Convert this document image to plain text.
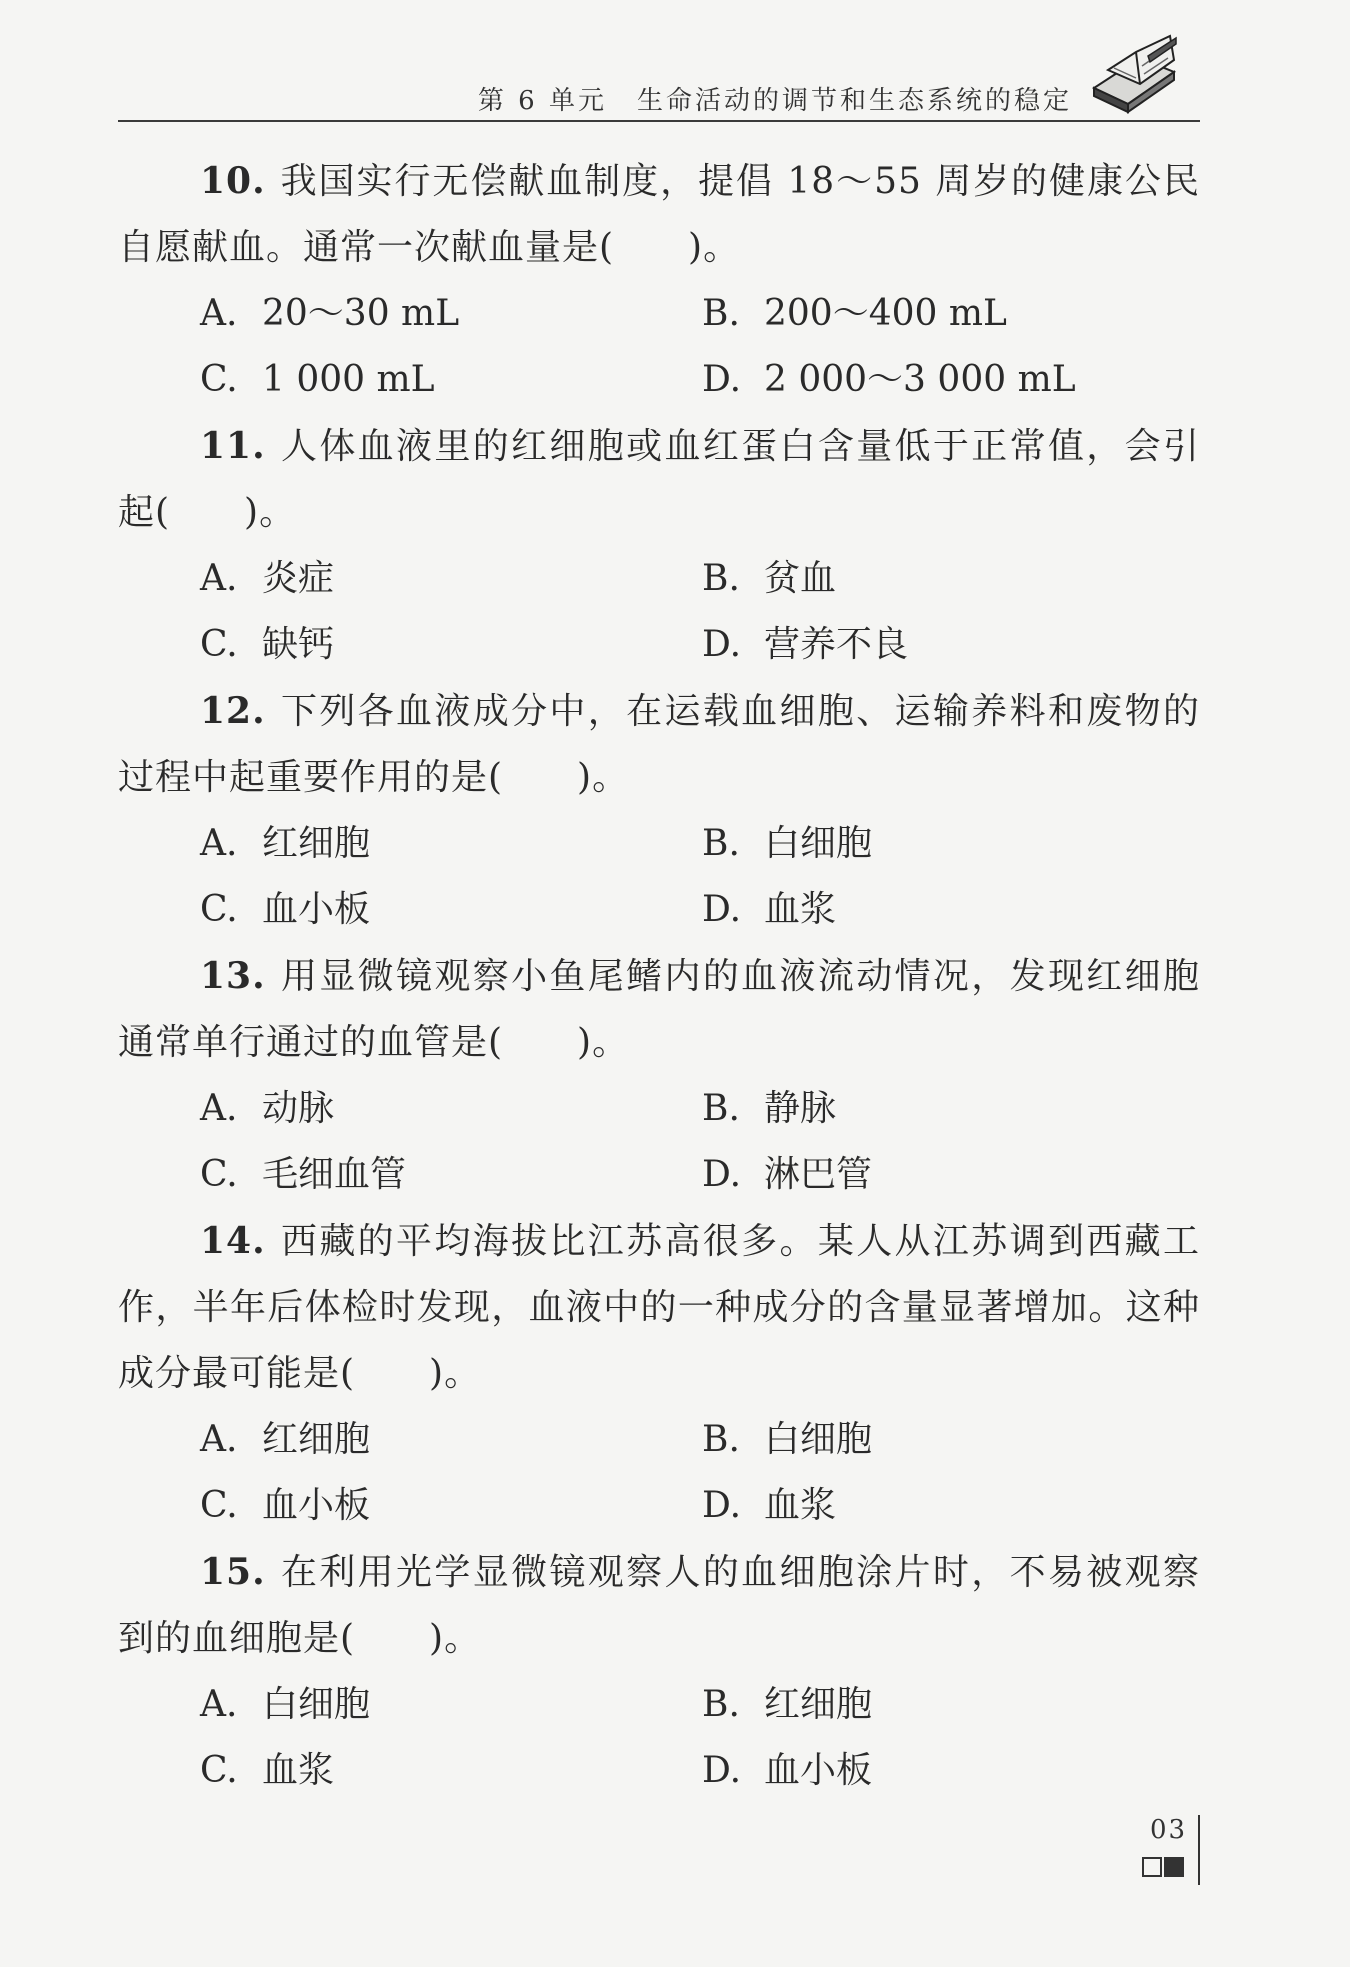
第 6 单元 生命活动的调节和生态系统的稳定

10. 我国实行无偿献血制度，提倡 18～55 周岁的健康公民自愿献血。通常一次献血量是(　　)。

A. 20～30 mL	B. 200～400 mL
C. 1 000 mL	D. 2 000～3 000 mL

11. 人体血液里的红细胞或血红蛋白含量低于正常值，会引起(　　)。

A. 炎症	B. 贫血
C. 缺钙	D. 营养不良

12. 下列各血液成分中，在运载血细胞、运输养料和废物的过程中起重要作用的是(　　)。

A. 红细胞	B. 白细胞
C. 血小板	D. 血浆

13. 用显微镜观察小鱼尾鳍内的血液流动情况，发现红细胞通常单行通过的血管是(　　)。

A. 动脉	B. 静脉
C. 毛细血管	D. 淋巴管

14. 西藏的平均海拔比江苏高很多。某人从江苏调到西藏工作，半年后体检时发现，血液中的一种成分的含量显著增加。这种成分最可能是(　　)。

A. 红细胞	B. 白细胞
C. 血小板	D. 血浆

15. 在利用光学显微镜观察人的血细胞涂片时，不易被观察到的血细胞是(　　)。

A. 白细胞	B. 红细胞
C. 血浆	D. 血小板
03
